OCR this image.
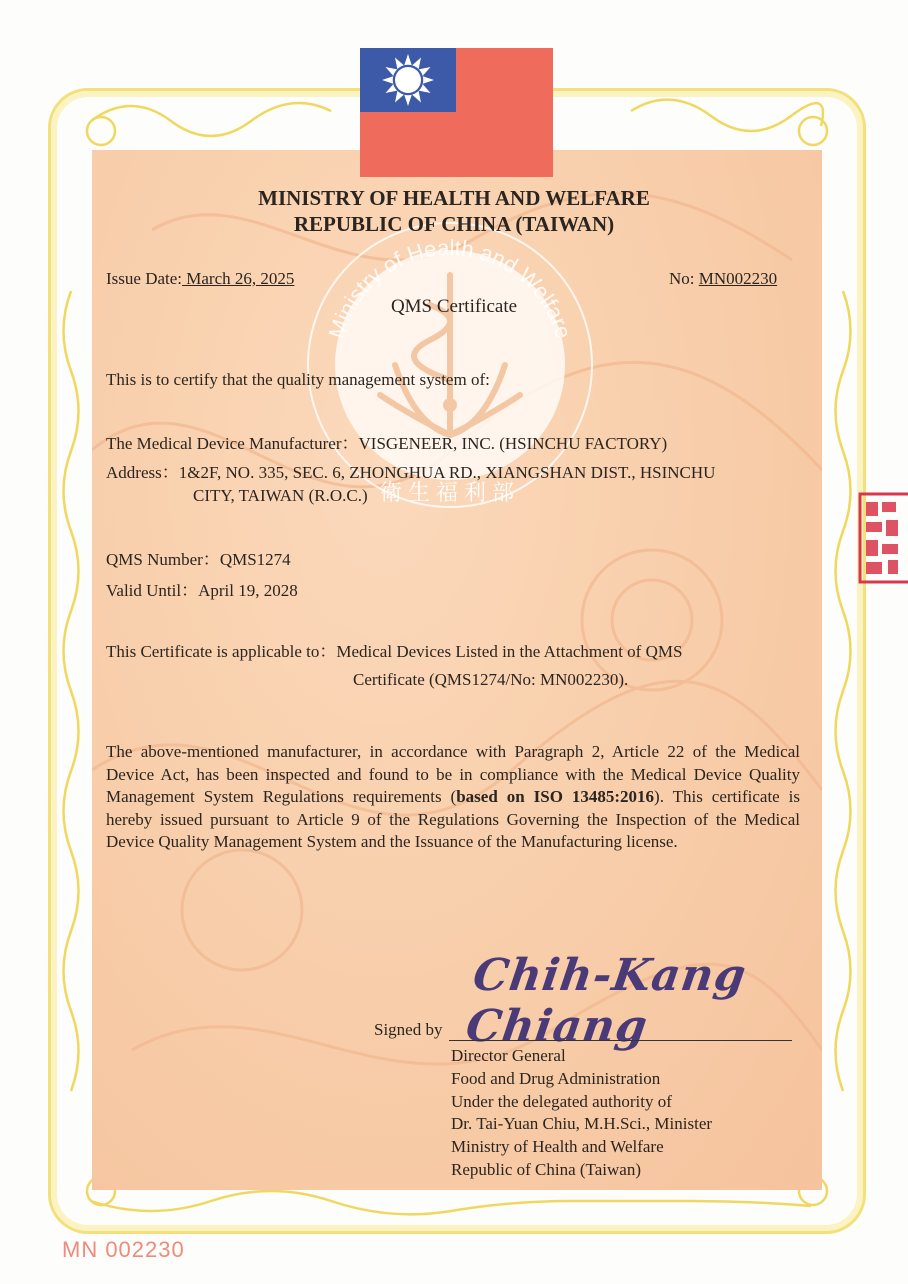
Ministry of Health and Welfare
衛生福利部
MINISTRY OF HEALTH AND WELFARE
REPUBLIC OF CHINA (TAIWAN)
Issue Date: March 26, 2025	No: MN002230
QMS Certificate
This is to certify that the quality management system of:
The Medical Device Manufacturer：VISGENEER, INC. (HSINCHU FACTORY)
Address：1&2F, NO. 335, SEC. 6, ZHONGHUA RD., XIANGSHAN DIST., HSINCHU
CITY, TAIWAN (R.O.C.)
QMS Number：QMS1274
Valid Until：April 19, 2028
This Certificate is applicable to：Medical Devices Listed in the Attachment of QMS
Certificate (QMS1274/No: MN002230).
The above-mentioned manufacturer, in accordance with Paragraph 2, Article 22 of the Medical Device Act, has been inspected and found to be in compliance with the Medical Device Quality Management System Regulations requirements (based on ISO 13485:2016). This certificate is hereby issued pursuant to Article 9 of the Regulations Governing the Inspection of the Medical Device Quality Management System and the Issuance of the Manufacturing license.
Chih-Kang Chiang
Signed by
Director General
Food and Drug Administration
Under the delegated authority of
Dr. Tai-Yuan Chiu, M.H.Sci., Minister
Ministry of Health and Welfare
Republic of China (Taiwan)
MN 002230
